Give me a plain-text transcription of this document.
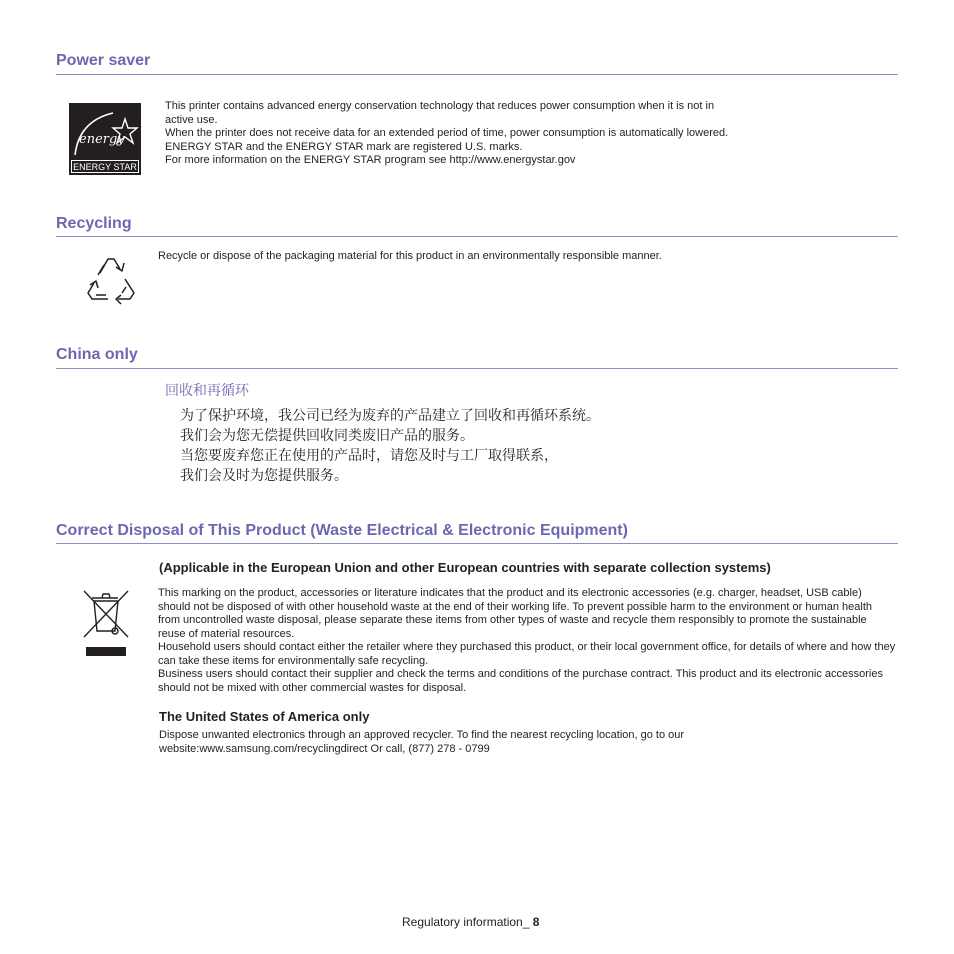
Power saver
energy
ENERGY STAR
This printer contains advanced energy conservation technology that reduces power consumption when it is not in
active use.
When the printer does not receive data for an extended period of time, power consumption is automatically lowered.
ENERGY STAR and the ENERGY STAR mark are registered U.S. marks.
For more information on the ENERGY STAR program see http://www.energystar.gov
Recycling

Recycle or dispose of the packaging material for this product in an environmentally responsible manner.

China only

回收和再循环

为了保护环境，我公司已经为废弃的产品建立了回收和再循环系统。
我们会为您无偿提供回收同类废旧产品的服务。
当您要废弃您正在使用的产品时，请您及时与工厂取得联系，
我们会及时为您提供服务。
Correct Disposal of This Product (Waste Electrical & Electronic Equipment)

(Applicable in the European Union and other European countries with separate collection systems)

This marking on the product, accessories or literature indicates that the product and its electronic accessories (e.g. charger, headset, USB cable) should not be disposed of with other household waste at the end of their working life. To prevent possible harm to the environment or human health from uncontrolled waste disposal, please separate these items from other types of waste and recycle them responsibly to promote the sustainable reuse of material resources.
Household users should contact either the retailer where they purchased this product, or their local government office, for details of where and how they can take these items for environmentally safe recycling.
Business users should contact their supplier and check the terms and conditions of the purchase contract. This product and its electronic accessories should not be mixed with other commercial wastes for disposal.

The United States of America only

Dispose unwanted electronics through an approved recycler. To find the nearest recycling location, go to our website:www.samsung.com/recyclingdirect Or call, (877) 278 - 0799

Regulatory information_ 8
